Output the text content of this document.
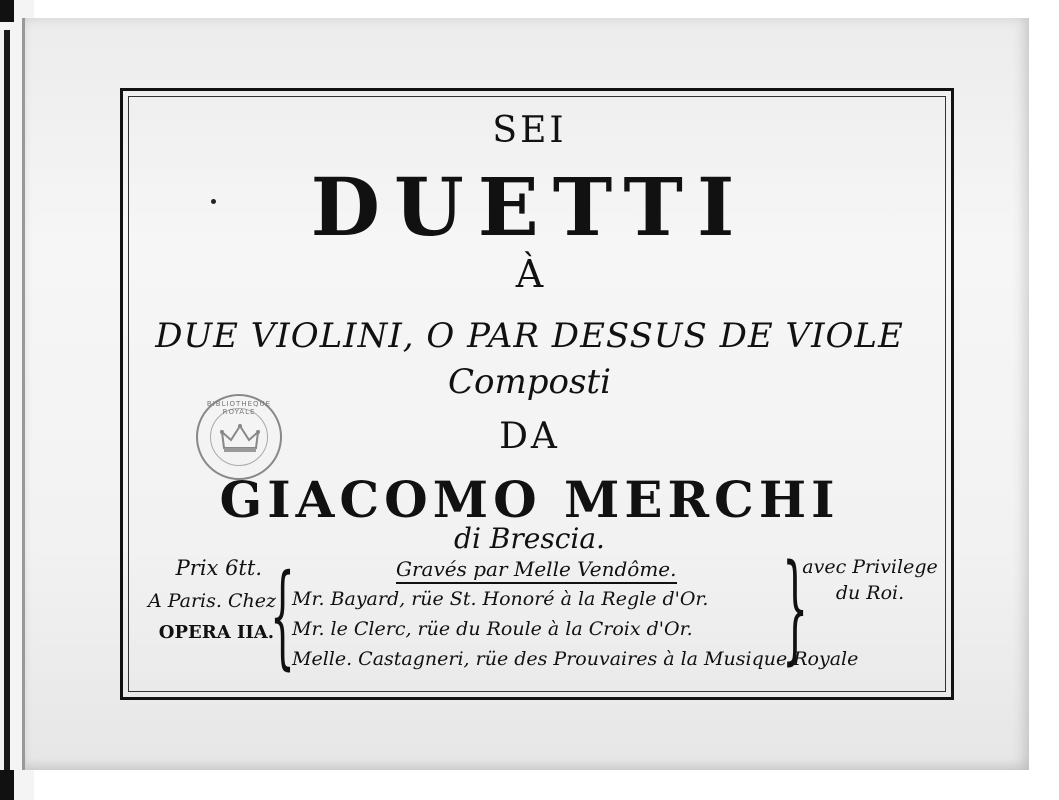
SEI
DUETTI
À
DUE VIOLINI, O PAR DESSUS DE VIOLE
Composti
DA
GIACOMO MERCHI
di Brescia.
BIBLIOTHEQUE ROYALE
Prix 6tt.
A Paris. Chez
OPERA IIA.
{	Gravés par Melle Vendôme.
Mr. Bayard, rüe St. Honoré à la Regle d'Or.
Mr. le Clerc, rüe du Roule à la Croix d'Or.
Melle. Castagneri, rüe des Prouvaires à la Musique Royale
}
avec Privilege
du Roi.
